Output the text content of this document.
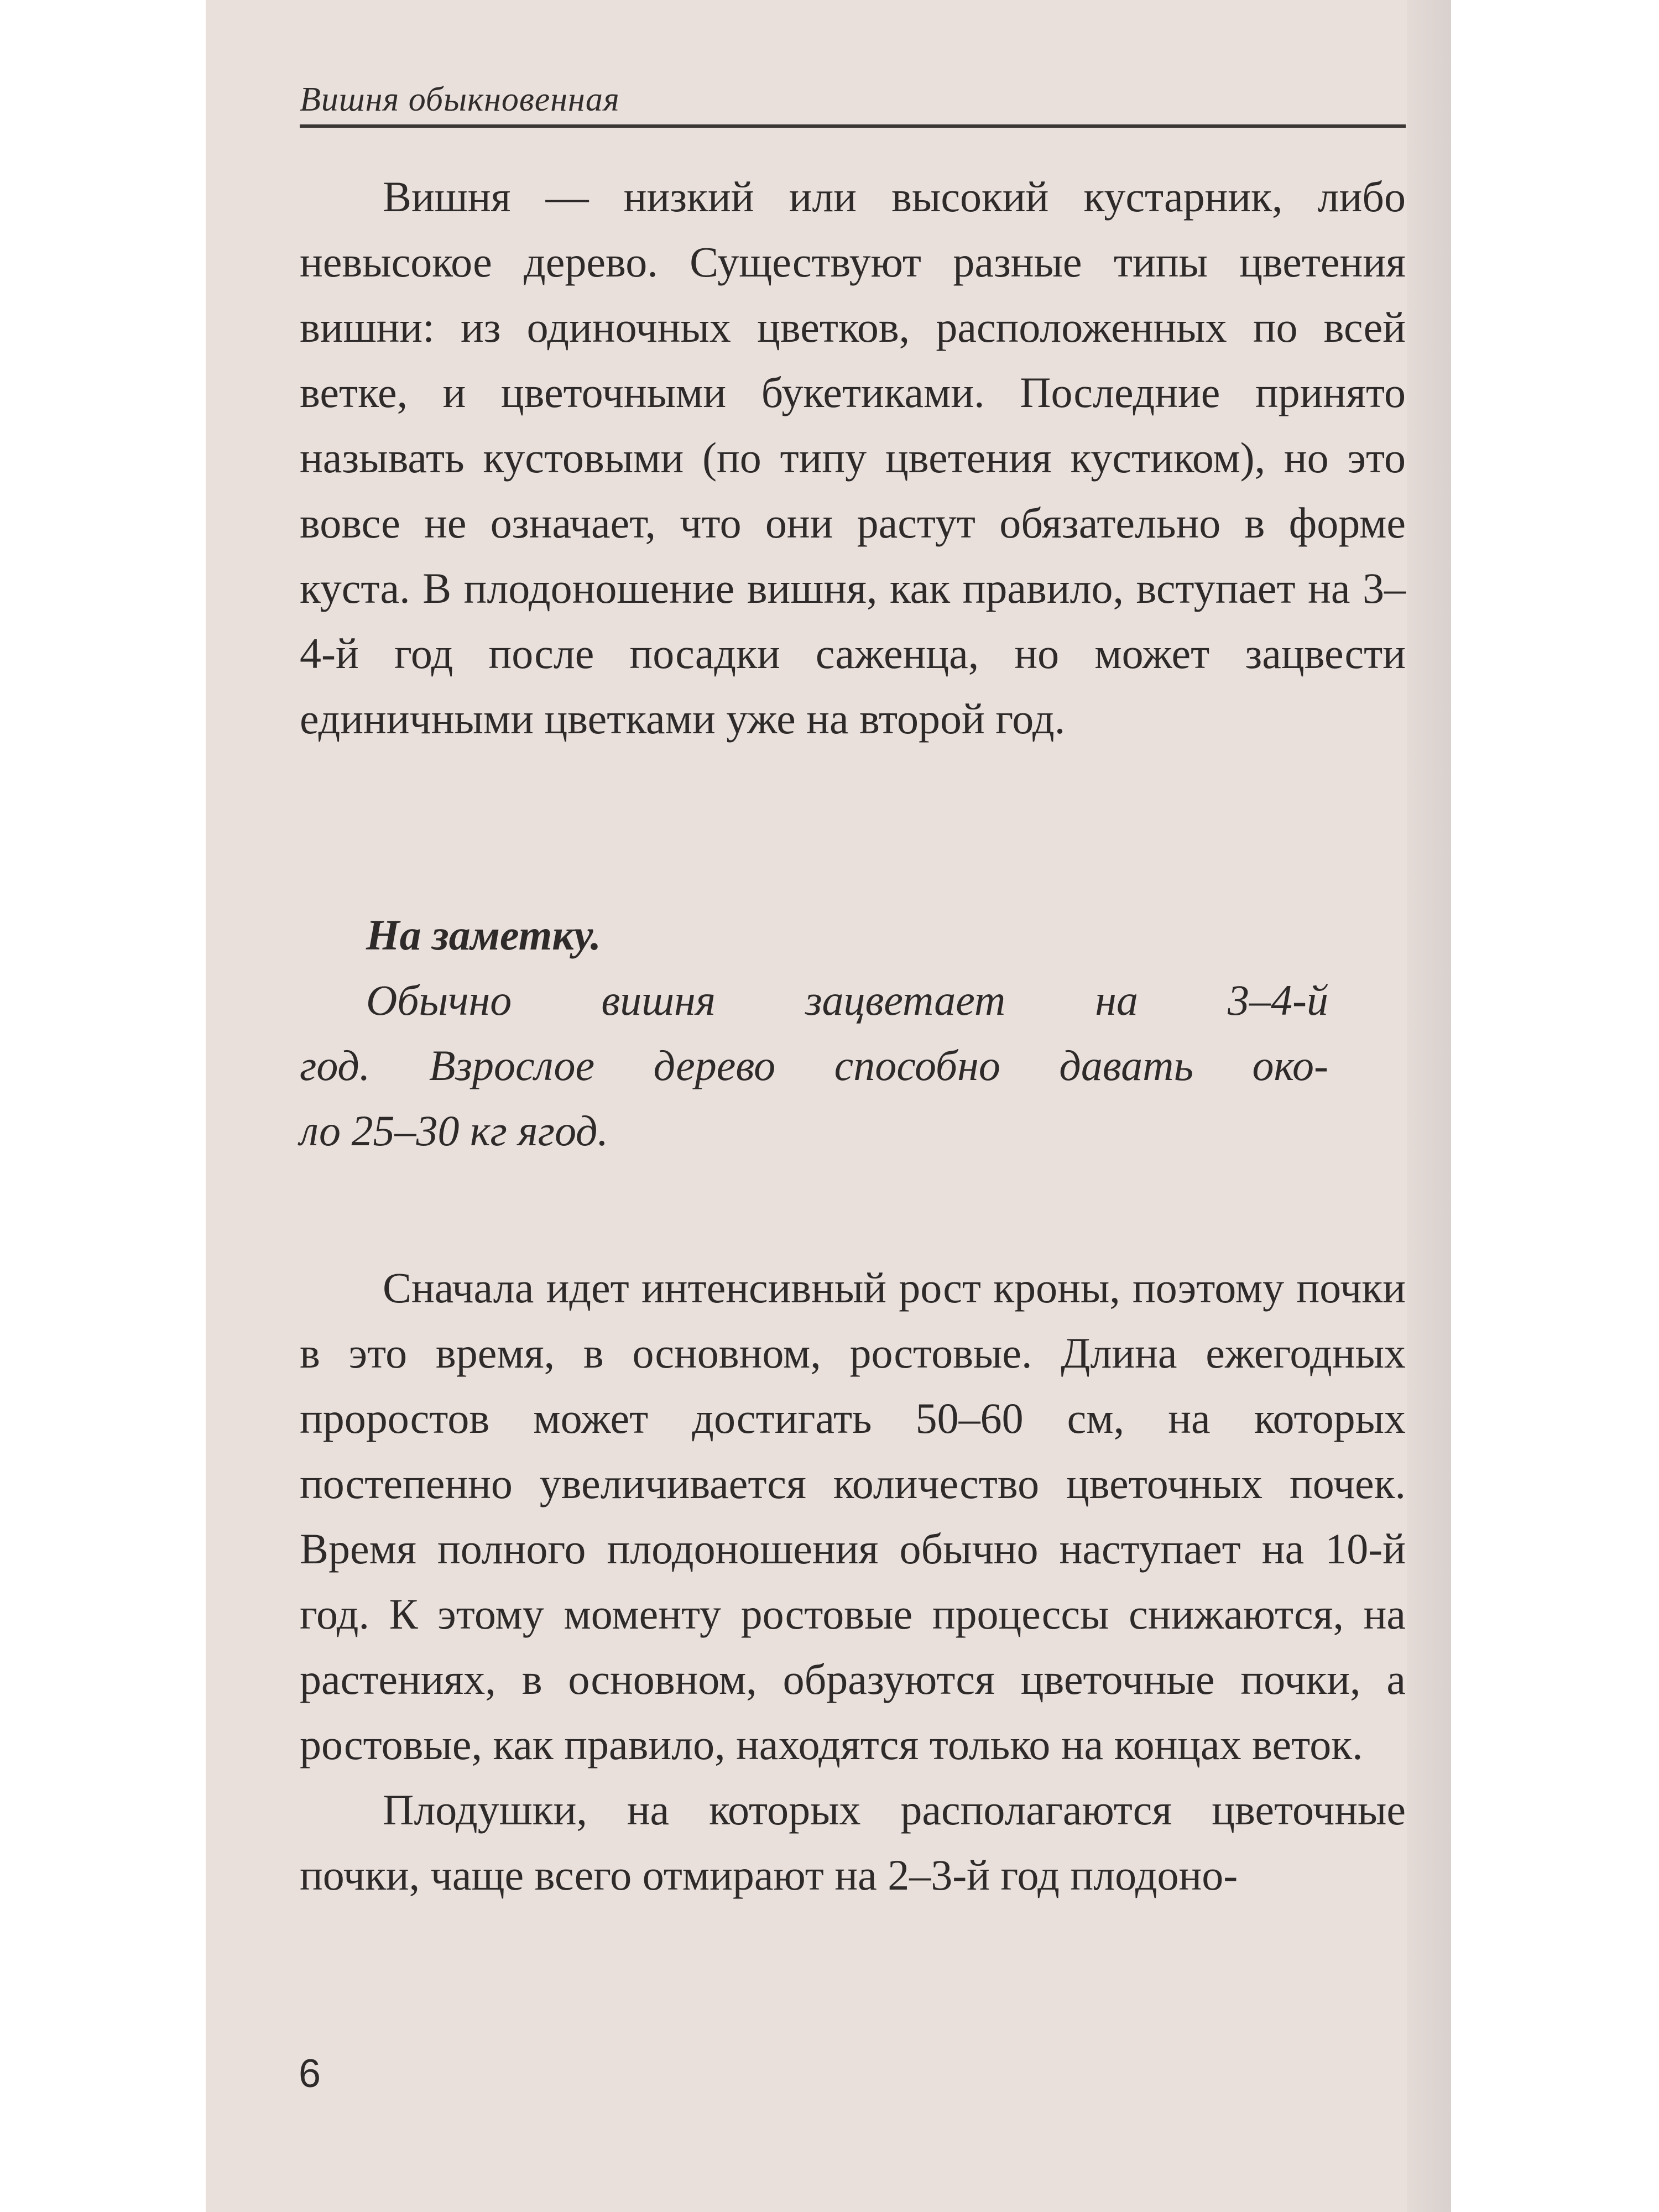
Вишня обыкновенная

Вишня — низкий или высокий кустарник, либо невысокое дерево. Существуют разные типы цветения вишни: из одиночных цветков, расположенных по всей ветке, и цветочными букетиками. Последние принято называть кустовыми (по типу цветения кустиком), но это вовсе не означает, что они растут обязательно в форме куста. В плодоношение вишня, как правило, вступает на 3–4-й год после посадки саженца, но может зацвести единичными цветками уже на второй год.

На заметку.

Обычно вишня зацветает на 3–4-й
год. Взрослое дерево способно давать око-
ло 25–30 кг ягод.

Сначала идет интенсивный рост кроны, поэтому почки в это время, в основном, ростовые. Длина ежегодных проростов может достигать 50–60 см, на которых постепенно увеличивается количество цветочных почек. Время полного плодоношения обычно наступает на 10-й год. К этому моменту ростовые процессы снижаются, на растениях, в основном, образуются цветочные почки, а ростовые, как правило, находятся только на концах веток.

Плодушки, на которых располагаются цветочные почки, чаще всего отмирают на 2–3-й год плодоно-

6
